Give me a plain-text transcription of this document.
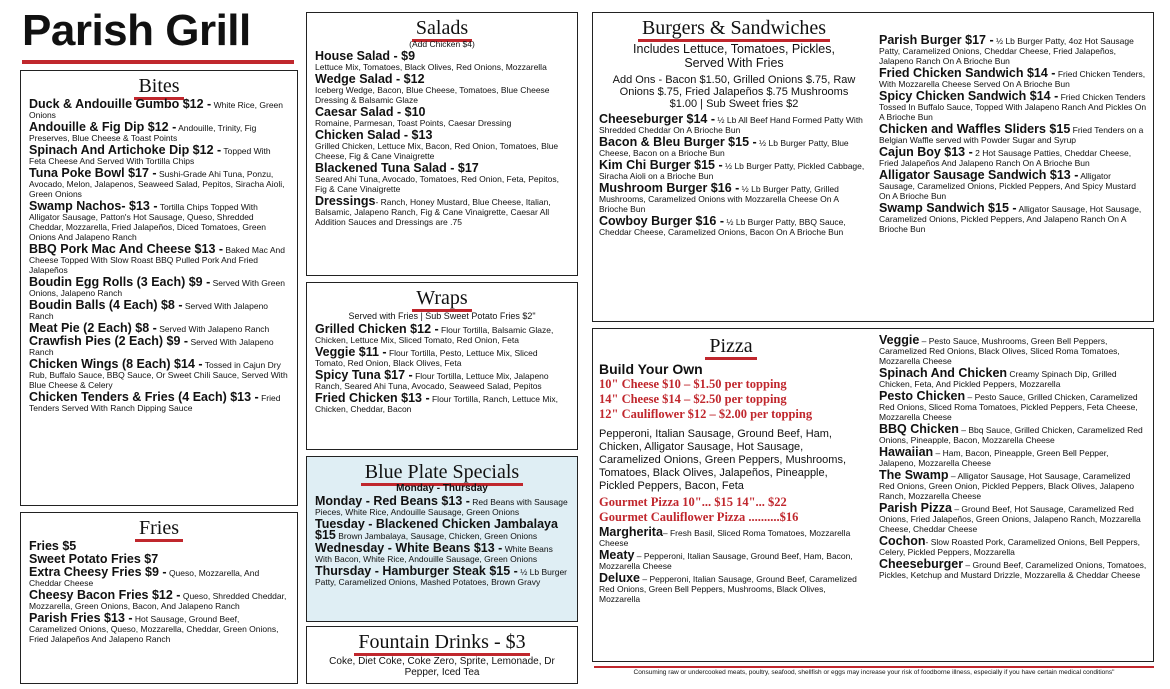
Parish Grill
Bites
Duck & Andouille Gumbo $12 - White Rice, Green Onions
Andouille & Fig Dip $12 - Andouille, Trinity, Fig Preserves, Blue Cheese & Toast Points
Spinach And Artichoke Dip $12 - Topped With Feta Cheese And Served With Tortilla Chips
Tuna Poke Bowl $17 - Sushi-Grade Ahi Tuna, Ponzu, Avocado, Melon, Jalapenos, Seaweed Salad, Pepitos, Siracha Aioli, Green Onions
Swamp Nachos- $13 - Tortilla Chips Topped With Alligator Sausage, Patton's Hot Sausage, Queso, Shredded Cheddar, Mozzarella, Fried Jalapeños, Diced Tomatoes, Green Onions And Jalapeno Ranch
BBQ Pork Mac And Cheese $13 - Baked Mac And Cheese Topped With Slow Roast BBQ Pulled Pork And Fried Jalapeños
Boudin Egg Rolls (3 Each) $9 - Served With Green Onions, Jalapeno Ranch
Boudin Balls (4 Each) $8 - Served With Jalapeno Ranch
Meat Pie (2 Each) $8 - Served With Jalapeno Ranch
Crawfish Pies (2 Each) $9 - Served With Jalapeno Ranch
Chicken Wings (8 Each) $14 - Tossed in Cajun Dry Rub, Buffalo Sauce, BBQ Sauce, Or Sweet Chili Sauce, Served With Blue Cheese & Celery
Chicken Tenders & Fries (4 Each) $13 - Fried Tenders Served With Ranch Dipping Sauce
Fries
Fries $5
Sweet Potato Fries $7
Extra Cheesy Fries $9 - Queso, Mozzarella, And Cheddar Cheese
Cheesy Bacon Fries $12 - Queso, Shredded Cheddar, Mozzarella, Green Onions, Bacon, And Jalapeno Ranch
Parish Fries $13 - Hot Sausage, Ground Beef, Caramelized Onions, Queso, Mozzarella, Cheddar, Green Onions, Fried Jalapeños And Jalapeno Ranch
Salads
(Add Chicken $4)
House Salad - $9
Lettuce Mix, Tomatoes, Black Olives, Red Onions, Mozzarella
Wedge Salad - $12
Iceberg Wedge, Bacon, Blue Cheese, Tomatoes, Blue Cheese Dressing & Balsamic Glaze
Caesar Salad - $10
Romaine, Parmesan, Toast Points, Caesar Dressing
Chicken Salad - $13
Grilled Chicken, Lettuce Mix, Bacon, Red Onion, Tomatoes, Blue Cheese, Fig & Cane Vinaigrette
Blackened Tuna Salad - $17
Seared Ahi Tuna, Avocado, Tomatoes, Red Onion, Feta, Pepitos, Fig & Cane Vinaigrette
Dressings- Ranch, Honey Mustard, Blue Cheese, Italian, Balsamic, Jalapeno Ranch, Fig & Cane Vinaigrette, Caesar All Addition Sauces and Dressings are .75
Wraps
Served with Fries | Sub Sweet Potato Fries $2"
Grilled Chicken $12 - Flour Tortilla, Balsamic Glaze, Chicken, Lettuce Mix, Sliced Tomato, Red Onion, Feta
Veggie $11 - Flour Tortilla, Pesto, Lettuce Mix, Sliced Tomato, Red Onion, Black Olives, Feta
Spicy Tuna $17 - Flour Tortilla, Lettuce Mix, Jalapeno Ranch, Seared Ahi Tuna, Avocado, Seaweed Salad, Pepitos
Fried Chicken $13 - Flour Tortilla, Ranch, Lettuce Mix, Chicken, Cheddar, Bacon
Blue Plate Specials
Monday - Thursday
Monday - Red Beans $13 - Red Beans with Sausage Pieces, White Rice, Andouille Sausage, Green Onions
Tuesday - Blackened Chicken Jambalaya $15 Brown Jambalaya, Sausage, Chicken, Green Onions
Wednesday - White Beans $13 - White Beans With Bacon, White Rice, Andouille Sausage, Green Onions
Thursday - Hamburger Steak $15 - ½ Lb Burger Patty, Caramelized Onions, Mashed Potatoes, Brown Gravy
Fountain Drinks - $3
Coke, Diet Coke, Coke Zero, Sprite, Lemonade, Dr Pepper, Iced Tea
Burgers & Sandwiches
Includes Lettuce, Tomatoes, Pickles, Served With Fries
Add Ons - Bacon $1.50, Grilled Onions $.75, Raw Onions $.75, Fried Jalapeños $.75 Mushrooms $1.00 | Sub Sweet fries $2
Cheeseburger $14 - ½ Lb All Beef Hand Formed Patty With Shredded Cheddar On A Brioche Bun
Bacon & Bleu Burger $15 - ½ Lb Burger Patty, Blue Cheese, Bacon on a Brioche Bun
Kim Chi Burger $15 - ½ Lb Burger Patty, Pickled Cabbage, Siracha Aioli on a Brioche Bun
Mushroom Burger $16 - ½ Lb Burger Patty, Grilled Mushrooms, Caramelized Onions with Mozzarella Cheese On A Brioche Bun
Cowboy Burger $16 - ½ Lb Burger Patty, BBQ Sauce, Cheddar Cheese, Caramelized Onions, Bacon On A Brioche Bun
Parish Burger $17 - ½ Lb Burger Patty, 4oz Hot Sausage Patty, Caramelized Onions, Cheddar Cheese, Fried Jalapeños, Jalapeno Ranch On A Brioche Bun
Fried Chicken Sandwich $14 - Fried Chicken Tenders, With Mozzarella Cheese Served On A Brioche Bun
Spicy Chicken Sandwich $14 - Fried Chicken Tenders Tossed In Buffalo Sauce, Topped With Jalapeno Ranch And Pickles On A Brioche Bun
Chicken and Waffles Sliders $15 Fried Tenders on a Belgian Waffle served with Powder Sugar and Syrup
Cajun Boy $13 - 2 Hot Sausage Patties, Cheddar Cheese, Fried Jalapeños And Jalapeno Ranch On A Brioche Bun
Alligator Sausage Sandwich $13 - Alligator Sausage, Caramelized Onions, Pickled Peppers, And Spicy Mustard On A Brioche Bun
Swamp Sandwich $15 - Alligator Sausage, Hot Sausage, Caramelized Onions, Pickled Peppers, And Jalapeno Ranch On A Brioche Bun
Pizza
Build Your Own
10" Cheese $10 – $1.50 per topping
14" Cheese $14 – $2.50 per topping
12" Cauliflower $12 – $2.00 per topping
Pepperoni, Italian Sausage, Ground Beef, Ham, Chicken, Alligator Sausage, Hot Sausage, Caramelized Onions, Green Peppers, Mushrooms, Tomatoes, Black Olives, Jalapeños, Pineapple, Pickled Peppers, Bacon, Feta
Gourmet Pizza 10"... $15 14"... $22
Gourmet Cauliflower Pizza ..........$16
Margherita– Fresh Basil, Sliced Roma Tomatoes, Mozzarella Cheese
Meaty – Pepperoni, Italian Sausage, Ground Beef, Ham, Bacon, Mozzarella Cheese
Deluxe – Pepperoni, Italian Sausage, Ground Beef, Caramelized Red Onions, Green Bell Peppers, Mushrooms, Black Olives, Mozzarella
Veggie – Pesto Sauce, Mushrooms, Green Bell Peppers, Caramelized Red Onions, Black Olives, Sliced Roma Tomatoes, Mozzarella Cheese
Spinach And Chicken Creamy Spinach Dip, Grilled Chicken, Feta, And Pickled Peppers, Mozzarella
Pesto Chicken – Pesto Sauce, Grilled Chicken, Caramelized Red Onions, Sliced Roma Tomatoes, Pickled Peppers, Feta Cheese, Mozzarella Cheese
BBQ Chicken – Bbq Sauce, Grilled Chicken, Caramelized Red Onions, Pineapple, Bacon, Mozzarella Cheese
Hawaiian – Ham, Bacon, Pineapple, Green Bell Pepper, Jalapeno, Mozzarella Cheese
The Swamp – Alligator Sausage, Hot Sausage, Caramelized Red Onions, Green Onion, Pickled Peppers, Black Olives, Jalapeno Ranch, Mozzarella Cheese
Parish Pizza – Ground Beef, Hot Sausage, Caramelized Red Onions, Fried Jalapeños, Green Onions, Jalapeno Ranch, Mozzarella Cheese, Cheddar Cheese
Cochon- Slow Roasted Pork, Caramelized Onions, Bell Peppers, Celery, Pickled Peppers, Mozzarella
Cheeseburger – Ground Beef, Caramelized Onions, Tomatoes, Pickles, Ketchup and Mustard Drizzle, Mozzarella & Cheddar Cheese
Consuming raw or undercooked meats, poultry, seafood, shellfish or eggs may increase your risk of foodborne illness, especially if you have certain medical conditions"
